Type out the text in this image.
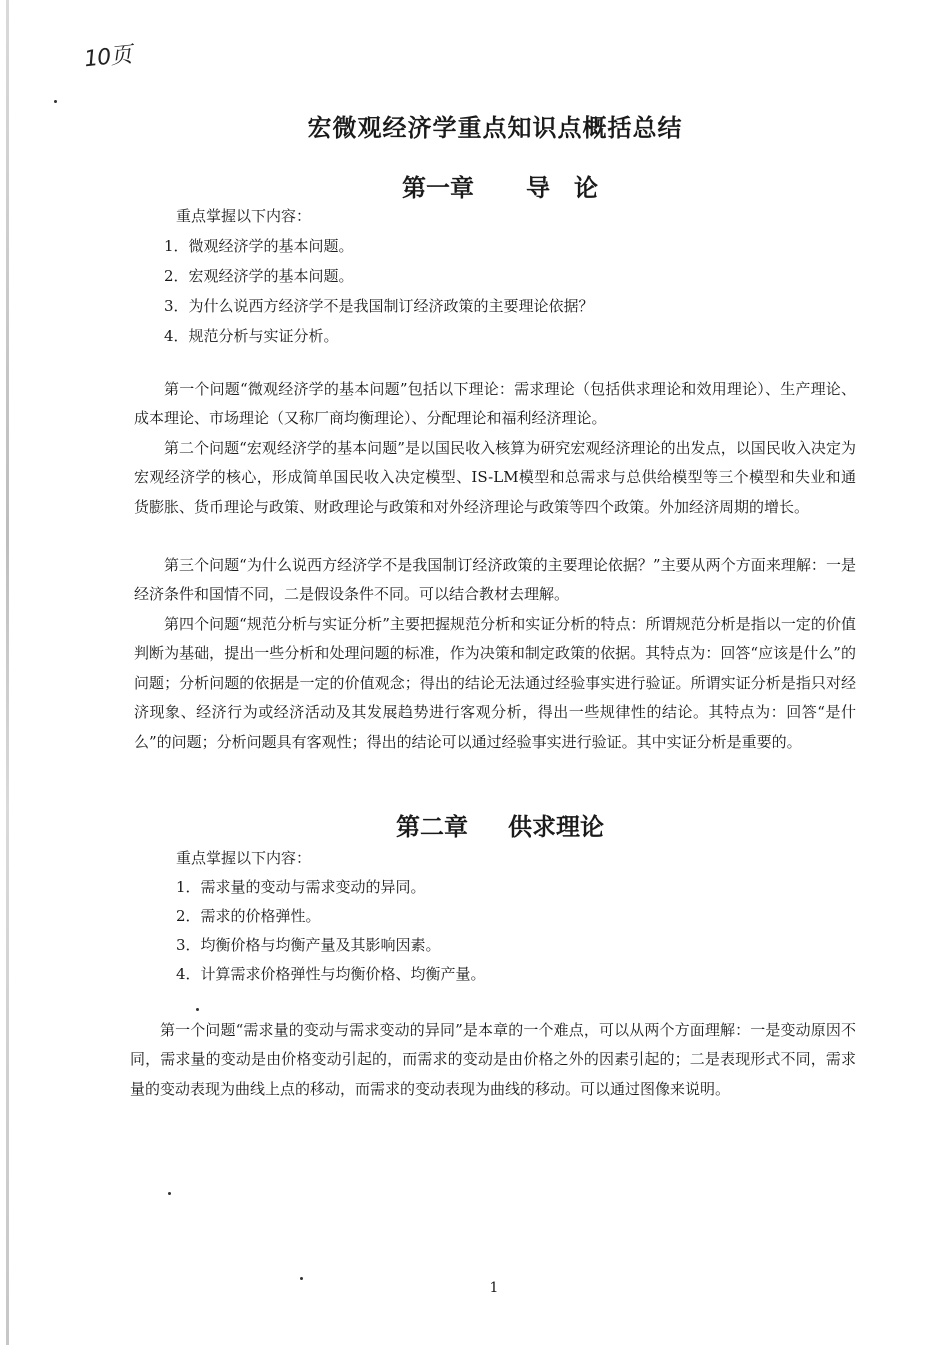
10页
宏微观经济学重点知识点概括总结
第一章 导　论
重点掌握以下内容：
1．微观经济学的基本问题。
2．宏观经济学的基本问题。
3．为什么说西方经济学不是我国制订经济政策的主要理论依据？
4．规范分析与实证分析。
第一个问题“微观经济学的基本问题”包括以下理论：需求理论（包括供求理论和效用理论）、生产理论、成本理论、市场理论（又称厂商均衡理论）、分配理论和福利经济理论。
第二个问题“宏观经济学的基本问题”是以国民收入核算为研究宏观经济理论的出发点，以国民收入决定为宏观经济学的核心，形成简单国民收入决定模型、IS-LM模型和总需求与总供给模型等三个模型和失业和通货膨胀、货币理论与政策、财政理论与政策和对外经济理论与政策等四个政策。外加经济周期的增长。
第三个问题“为什么说西方经济学不是我国制订经济政策的主要理论依据？”主要从两个方面来理解：一是经济条件和国情不同，二是假设条件不同。可以结合教材去理解。
第四个问题“规范分析与实证分析”主要把握规范分析和实证分析的特点：所谓规范分析是指以一定的价值判断为基础，提出一些分析和处理问题的标准，作为决策和制定政策的依据。其特点为：回答“应该是什么”的问题；分析问题的依据是一定的价值观念；得出的结论无法通过经验事实进行验证。所谓实证分析是指只对经济现象、经济行为或经济活动及其发展趋势进行客观分析，得出一些规律性的结论。其特点为：回答“是什么”的问题；分析问题具有客观性；得出的结论可以通过经验事实进行验证。其中实证分析是重要的。
第二章 供求理论
重点掌握以下内容：
1．需求量的变动与需求变动的异同。
2．需求的价格弹性。
3．均衡价格与均衡产量及其影响因素。
4．计算需求价格弹性与均衡价格、均衡产量。
第一个问题“需求量的变动与需求变动的异同”是本章的一个难点，可以从两个方面理解：一是变动原因不同，需求量的变动是由价格变动引起的，而需求的变动是由价格之外的因素引起的；二是表现形式不同，需求量的变动表现为曲线上点的移动，而需求的变动表现为曲线的移动。可以通过图像来说明。
1
